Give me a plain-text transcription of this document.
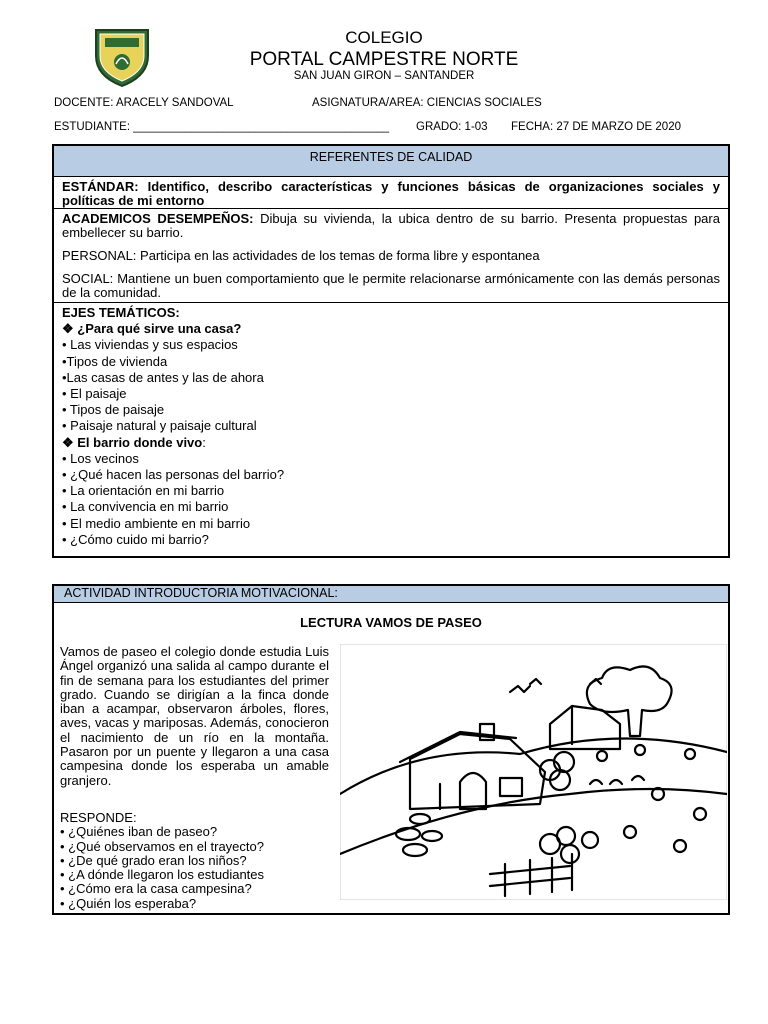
COLEGIO
PORTAL CAMPESTRE NORTE
SAN JUAN GIRON – SANTANDER
DOCENTE: ARACELY SANDOVAL	ASIGNATURA/AREA: CIENCIAS SOCIALES
ESTUDIANTE: ________________________________________ GRADO: 1-03 FECHA: 27 DE MARZO DE 2020
REFERENTES DE CALIDAD
ESTÁNDAR: Identifico, describo características y funciones básicas de organizaciones sociales y políticas de mi entorno
ACADEMICOS DESEMPEÑOS: Dibuja su vivienda, la ubica dentro de su barrio. Presenta propuestas para embellecer su barrio.
PERSONAL: Participa en las actividades de los temas de forma libre y espontanea
SOCIAL: Mantiene un buen comportamiento que le permite relacionarse armónicamente con las demás personas de la comunidad.
EJES TEMÁTICOS:
❖ ¿Para qué sirve una casa?
• Las viviendas y sus espacios
•Tipos de vivienda
•Las casas de antes y las de ahora
• El paisaje
• Tipos de paisaje
• Paisaje natural y paisaje cultural
❖ El barrio donde vivo:
• Los vecinos
• ¿Qué hacen las personas del barrio?
• La orientación en mi barrio
• La convivencia en mi barrio
• El medio ambiente en mi barrio
• ¿Cómo cuido mi barrio?
ACTIVIDAD INTRODUCTORIA MOTIVACIONAL:
LECTURA VAMOS DE PASEO
Vamos de paseo el colegio donde estudia Luis Ángel organizó una salida al campo durante el fin de semana para los estudiantes del primer grado. Cuando se dirigían a la finca donde iban a acampar, observaron árboles, flores, aves, vacas y mariposas. Además, conocieron el nacimiento de un río en la montaña. Pasaron por un puente y llegaron a una casa campesina donde los esperaba un amable granjero.
RESPONDE:
• ¿Quiénes iban de paseo?
• ¿Qué observamos en el trayecto?
• ¿De qué grado eran los niños?
• ¿A dónde llegaron los estudiantes
• ¿Cómo era la casa campesina?
• ¿Quién los esperaba?
